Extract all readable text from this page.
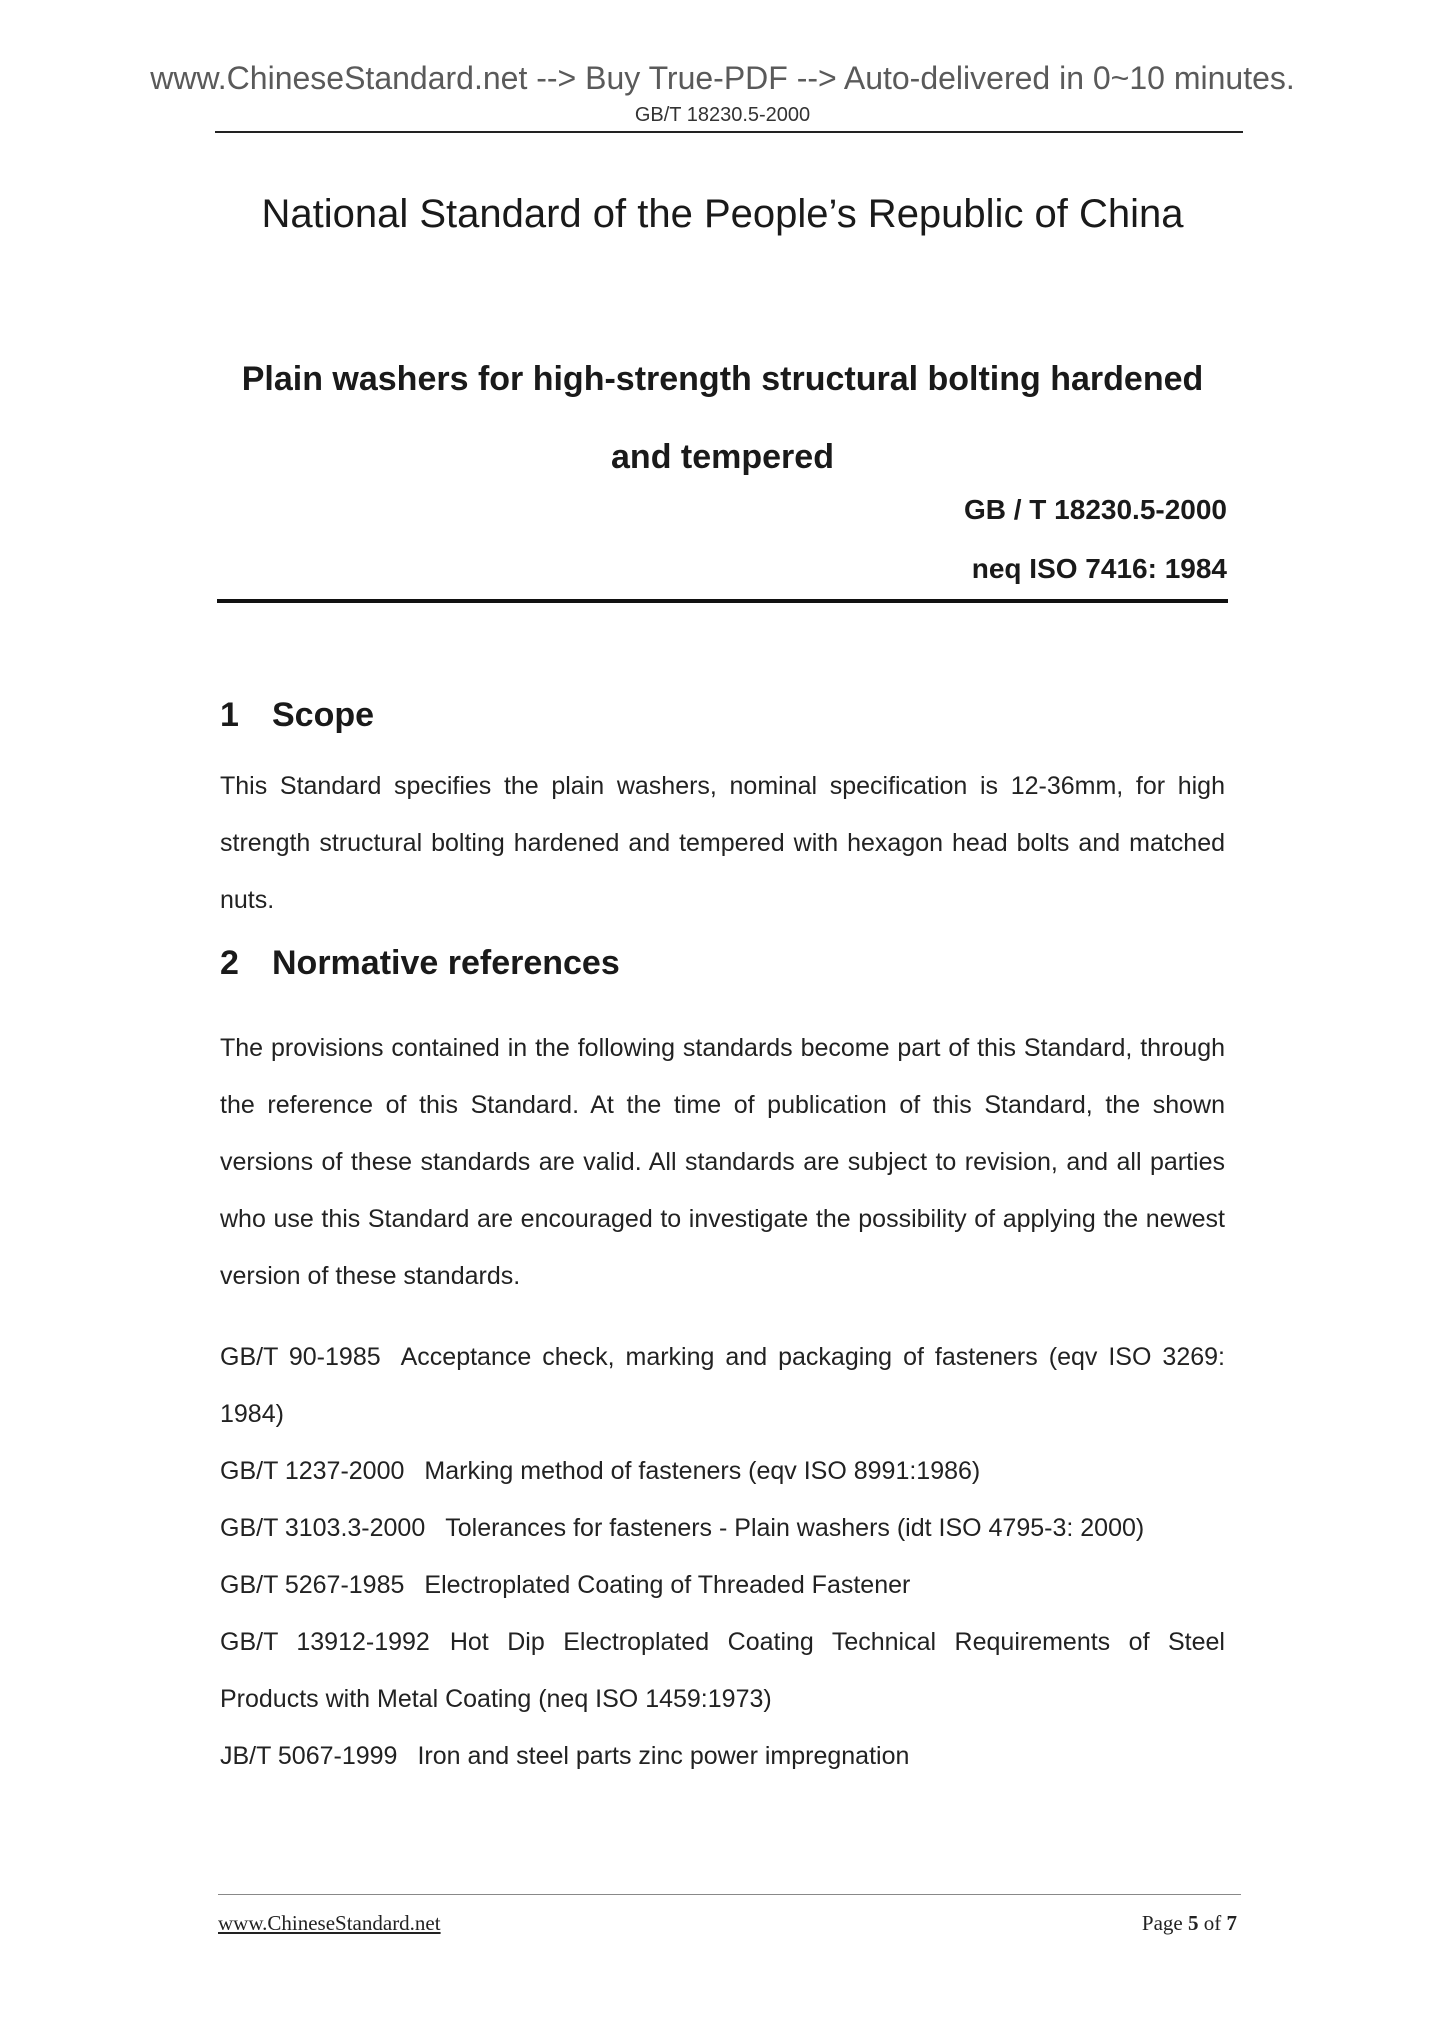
www.ChineseStandard.net --> Buy True-PDF --> Auto-delivered in 0~10 minutes.
GB/T 18230.5-2000
National Standard of the People’s Republic of China
Plain washers for high-strength structural bolting hardened
and tempered
GB / T 18230.5-2000
neq ISO 7416: 1984
1 Scope
This Standard specifies the plain washers, nominal specification is 12-36mm, for high strength structural bolting hardened and tempered with hexagon head bolts and matched nuts.
2 Normative references
The provisions contained in the following standards become part of this Standard, through the reference of this Standard. At the time of publication of this Standard, the shown versions of these standards are valid. All standards are subject to revision, and all parties who use this Standard are encouraged to investigate the possibility of applying the newest version of these standards.
GB/T 90-1985 Acceptance check, marking and packaging of fasteners (eqv ISO 3269: 1984)
GB/T 1237-2000 Marking method of fasteners (eqv ISO 8991:1986)
GB/T 3103.3-2000 Tolerances for fasteners - Plain washers (idt ISO 4795-3: 2000)
GB/T 5267-1985 Electroplated Coating of Threaded Fastener
GB/T 13912-1992 Hot Dip Electroplated Coating Technical Requirements of Steel Products with Metal Coating (neq ISO 1459:1973)
JB/T 5067-1999 Iron and steel parts zinc power impregnation
www.ChineseStandard.net	Page 5 of 7
